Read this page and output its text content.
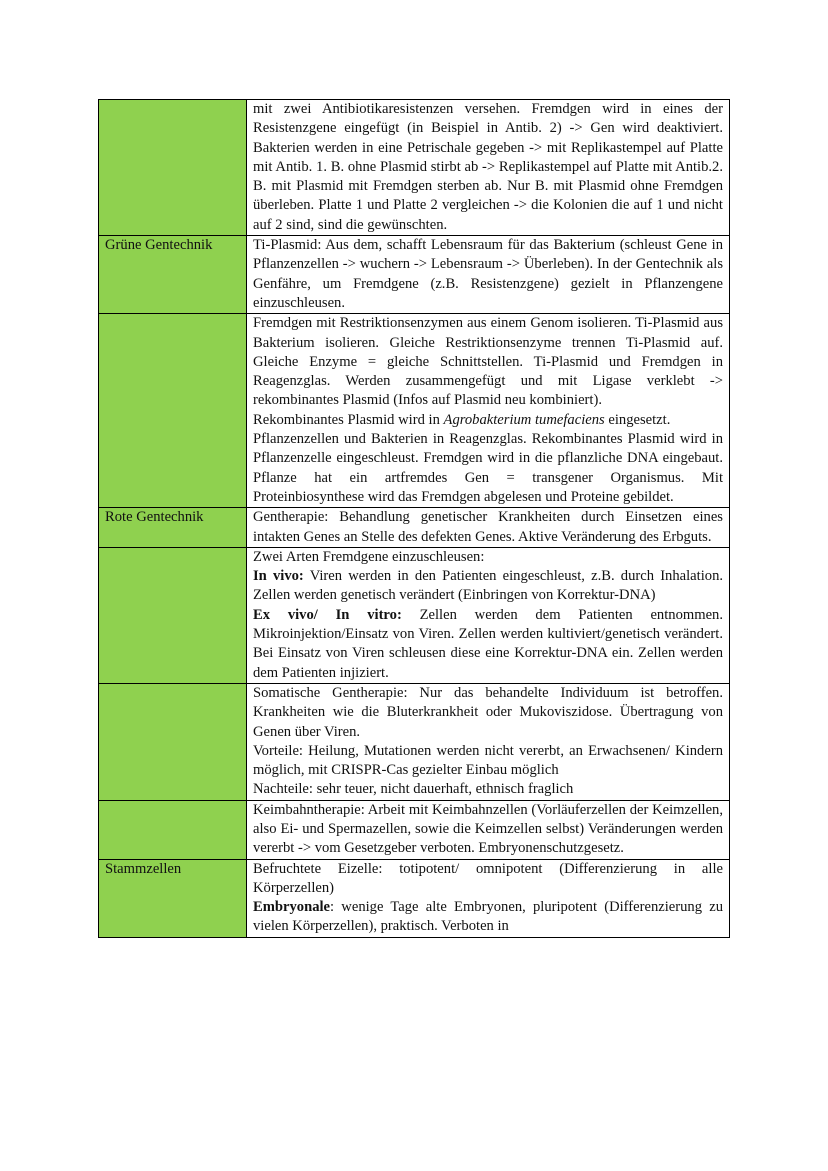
	mit zwei Antibiotikaresistenzen versehen. Fremdgen wird in eines der Resistenzgene eingefügt (in Beispiel in Antib. 2) -> Gen wird deaktiviert. Bakterien werden in eine Petrischale gegeben -> mit Replikastempel auf Platte mit Antib. 1. B. ohne Plasmid stirbt ab -> Replikastempel auf Platte mit Antib.2. B. mit Plasmid mit Fremdgen sterben ab. Nur B. mit Plasmid ohne Fremdgen überleben. Platte 1 und Platte 2 vergleichen -> die Kolonien die auf 1 und nicht auf 2 sind, sind die gewünschten.

Grüne Gentechnik	Ti-Plasmid: Aus dem, schafft Lebensraum für das Bakterium (schleust Gene in Pflanzenzellen -> wuchern -> Lebensraum -> Überleben). In der Gentechnik als Genfähre, um Fremdgene (z.B. Resistenzgene) gezielt in Pflanzengene einzuschleusen.

	Fremdgen mit Restriktionsenzymen aus einem Genom isolieren. Ti-Plasmid aus Bakterium isolieren. Gleiche Restriktionsenzyme trennen Ti-Plasmid auf. Gleiche Enzyme = gleiche Schnittstellen. Ti-Plasmid und Fremdgen in Reagenzglas. Werden zusammengefügt und mit Ligase verklebt -> rekombinantes Plasmid (Infos auf Plasmid neu kombiniert).

Rekombinantes Plasmid wird in Agrobakterium tumefaciens eingesetzt.

Pflanzenzellen und Bakterien in Reagenzglas. Rekombinantes Plasmid wird in Pflanzenzelle eingeschleust. Fremdgen wird in die pflanzliche DNA eingebaut. Pflanze hat ein artfremdes Gen = transgener Organismus. Mit Proteinbiosynthese wird das Fremdgen abgelesen und Proteine gebildet.

Rote Gentechnik	Gentherapie: Behandlung genetischer Krankheiten durch Einsetzen eines intakten Genes an Stelle des defekten Genes. Aktive Veränderung des Erbguts.

	Zwei Arten Fremdgene einzuschleusen:

In vivo: Viren werden in den Patienten eingeschleust, z.B. durch Inhalation. Zellen werden genetisch verändert (Einbringen von Korrektur-DNA)

Ex vivo/ In vitro: Zellen werden dem Patienten entnommen. Mikroinjektion/Einsatz von Viren. Zellen werden kultiviert/genetisch verändert. Bei Einsatz von Viren schleusen diese eine Korrektur-DNA ein. Zellen werden dem Patienten injiziert.

	Somatische Gentherapie: Nur das behandelte Individuum ist betroffen. Krankheiten wie die Bluterkrankheit oder Mukoviszidose. Übertragung von Genen über Viren.

Vorteile: Heilung, Mutationen werden nicht vererbt, an Erwachsenen/ Kindern möglich, mit CRISPR-Cas gezielter Einbau möglich

Nachteile: sehr teuer, nicht dauerhaft, ethnisch fraglich

	Keimbahntherapie: Arbeit mit Keimbahnzellen (Vorläuferzellen der Keimzellen, also Ei- und Spermazellen, sowie die Keimzellen selbst) Veränderungen werden vererbt -> vom Gesetzgeber verboten. Embryonenschutzgesetz.

Stammzellen	Befruchtete Eizelle: totipotent/ omnipotent (Differenzierung in alle Körperzellen)

Embryonale: wenige Tage alte Embryonen, pluripotent (Differenzierung zu vielen Körperzellen), praktisch. Verboten in
